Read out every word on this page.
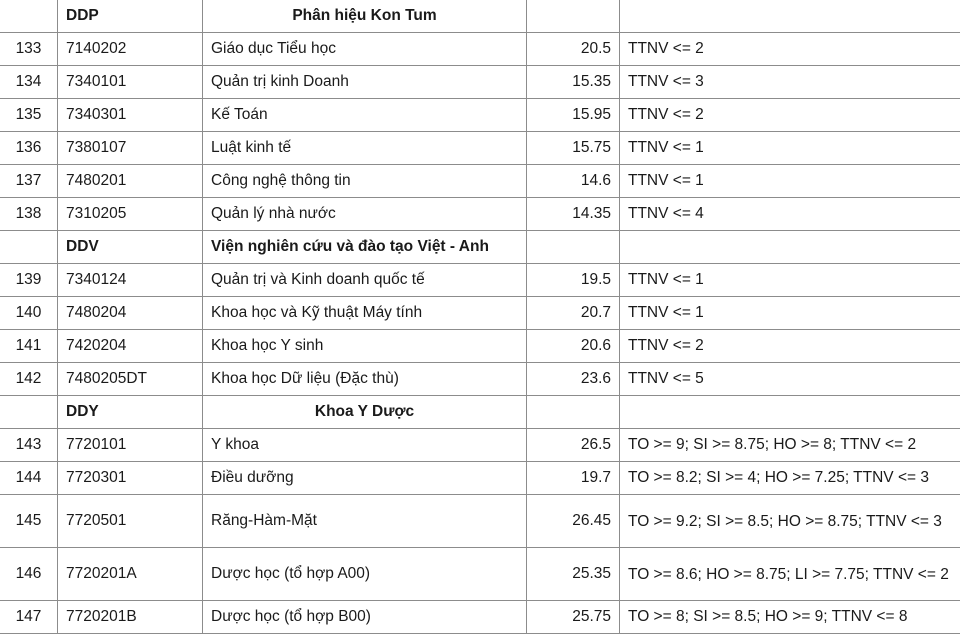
	DDP	Phân hiệu Kon Tum		
133	7140202	Giáo dục Tiểu học	20.5	TTNV <= 2
134	7340101	Quản trị kinh Doanh	15.35	TTNV <= 3
135	7340301	Kế Toán	15.95	TTNV <= 2
136	7380107	Luật kinh tế	15.75	TTNV <= 1
137	7480201	Công nghệ thông tin	14.6	TTNV <= 1
138	7310205	Quản lý nhà nước	14.35	TTNV <= 4
	DDV	Viện nghiên cứu và đào tạo Việt - Anh		
139	7340124	Quản trị và Kinh doanh quốc tế	19.5	TTNV <= 1
140	7480204	Khoa học và Kỹ thuật Máy tính	20.7	TTNV <= 1
141	7420204	Khoa học Y sinh	20.6	TTNV <= 2
142	7480205DT	Khoa học Dữ liệu (Đặc thù)	23.6	TTNV <= 5
	DDY	Khoa Y Dược		
143	7720101	Y khoa	26.5	TO >= 9; SI >= 8.75; HO >= 8; TTNV <= 2
144	7720301	Điều dưỡng	19.7	TO >= 8.2; SI >= 4; HO >= 7.25; TTNV <= 3
145	7720501	Răng-Hàm-Mặt	26.45	TO >= 9.2; SI >= 8.5; HO >= 8.75; TTNV <= 3
146	7720201A	Dược học (tổ hợp A00)	25.35	TO >= 8.6; HO >= 8.75; LI >= 7.75; TTNV <= 2
147	7720201B	Dược học (tổ hợp B00)	25.75	TO >= 8; SI >= 8.5; HO >= 9; TTNV <= 8
